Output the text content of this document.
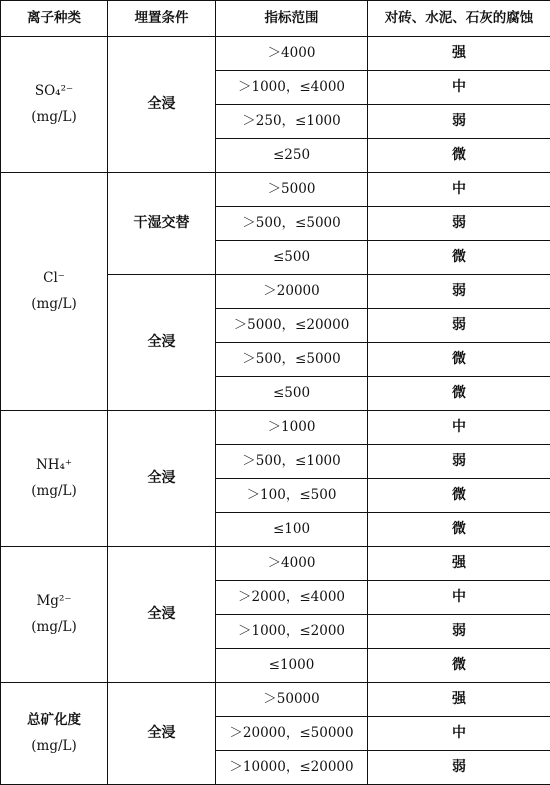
离子种类	埋置条件	指标范围	对砖、水泥、石灰的腐蚀

SO₄²⁻
(mg/L)	全浸	＞4000	强
		＞1000，≤4000	中
		＞250，≤1000	弱
		≤250	微

Cl⁻
(mg/L)	干湿交替	＞5000	中
		＞500，≤5000	弱
		≤500	微
	全浸	＞20000	弱
		＞5000，≤20000	弱
		＞500，≤5000	微
		≤500	微

NH₄⁺
(mg/L)	全浸	＞1000	中
		＞500，≤1000	弱
		＞100，≤500	微
		≤100	微

Mg²⁻
(mg/L)	全浸	＞4000	强
		＞2000，≤4000	中
		＞1000，≤2000	弱
		≤1000	微

总矿化度
(mg/L)	全浸	＞50000	强
		＞20000，≤50000	中
		＞10000，≤20000	弱
